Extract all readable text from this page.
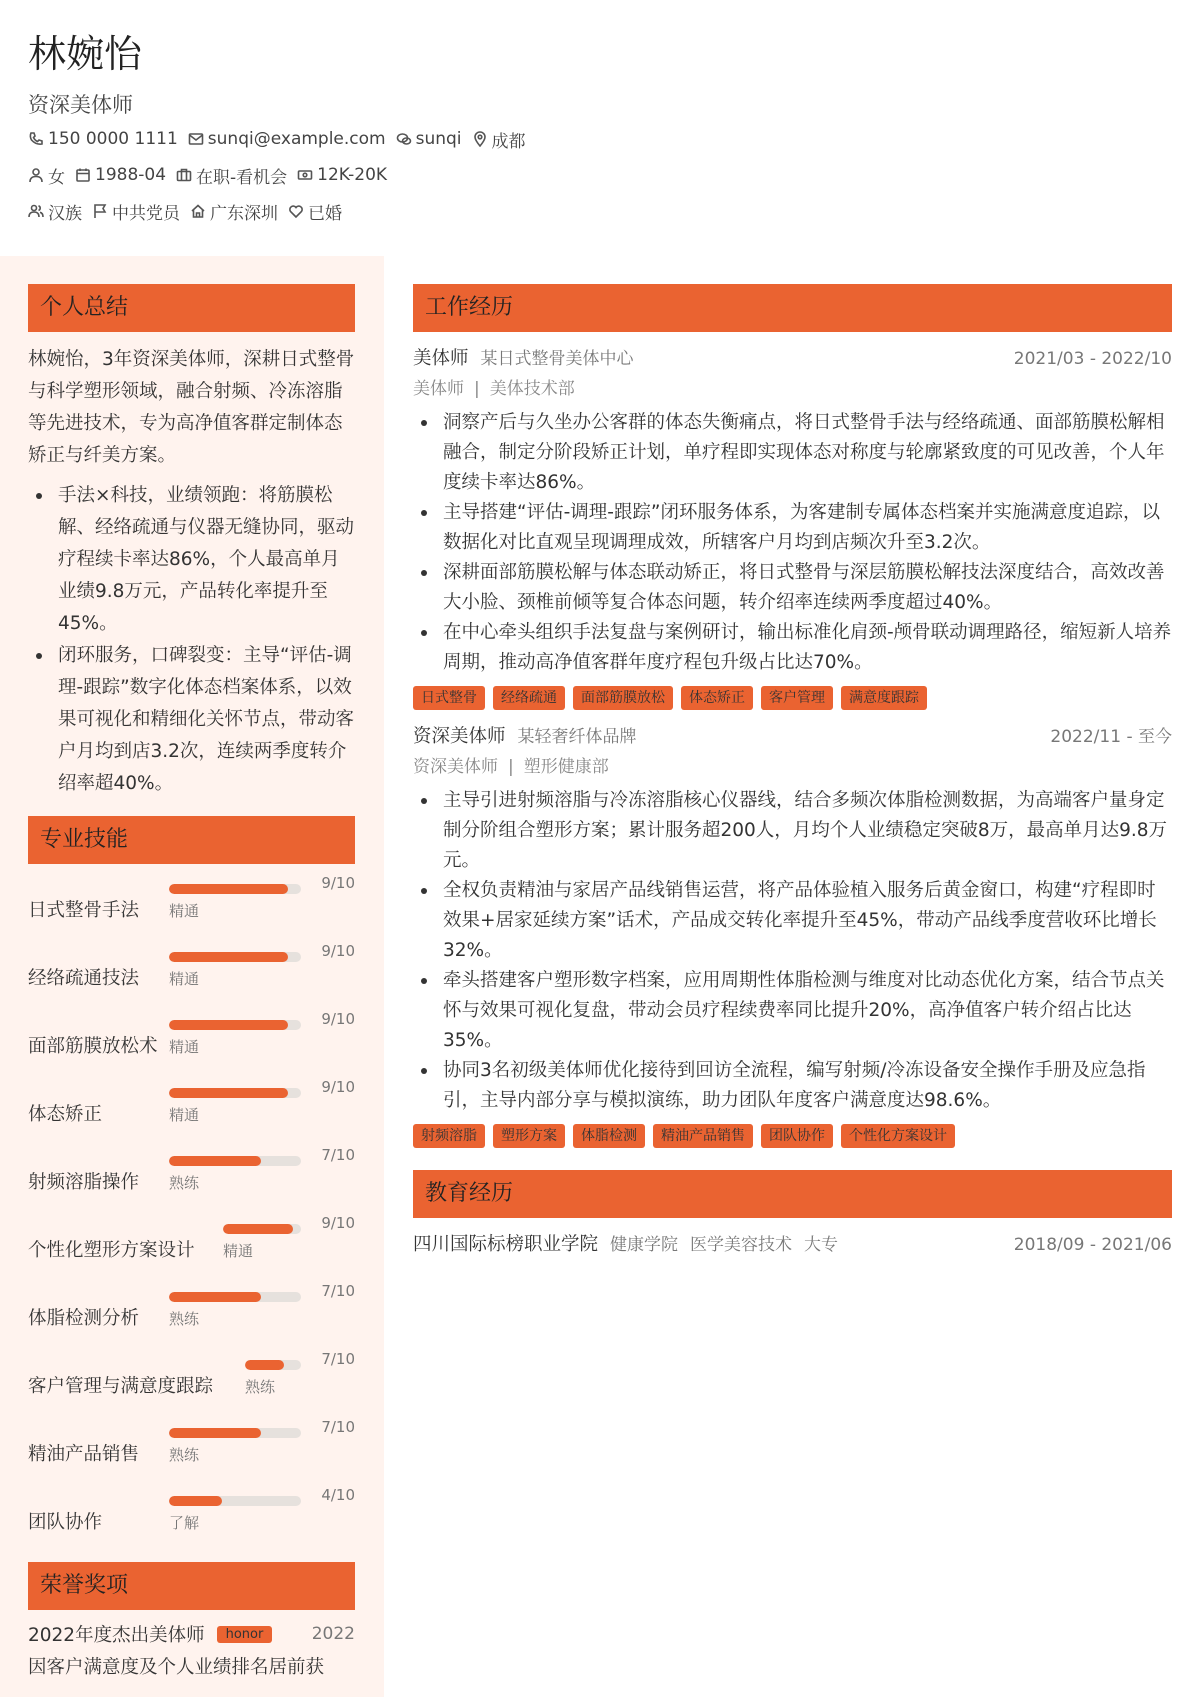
林婉怡
资深美体师
150 0000 1111 sunqi@example.com sunqi 成都
女 1988-04 在职-看机会 12K-20K
汉族 中共党员 广东深圳 已婚
个人总结

林婉怡，3年资深美体师，深耕日式整骨与科学塑形领域，融合射频、冷冻溶脂等先进技术，专为高净值客群定制体态矫正与纤美方案。

手法×科技，业绩领跑：将筋膜松解、经络疏通与仪器无缝协同，驱动疗程续卡率达86%，个人最高单月业绩9.8万元，产品转化率提升至45%。
闭环服务，口碑裂变：主导“评估-调理-跟踪”数字化体态档案体系，以效果可视化和精细化关怀节点，带动客户月均到店3.2次，连续两季度转介绍率超40%。
专业技能
日式整骨手法
9/10
精通
经络疏通技法
9/10
精通
面部筋膜放松术
9/10
精通
体态矫正
9/10
精通
射频溶脂操作
7/10
熟练
个性化塑形方案设计
9/10
精通
体脂检测分析
7/10
熟练
客户管理与满意度跟踪
7/10
熟练
精油产品销售
7/10
熟练
团队协作
4/10
了解
荣誉奖项
2022年度杰出美体师	honor	2022
因客户满意度及个人业绩排名居前获
工作经历
美体师 某日式整骨美体中心	2021/03 - 2022/10
美体师 | 美体技术部
洞察产后与久坐办公客群的体态失衡痛点，将日式整骨手法与经络疏通、面部筋膜松解相融合，制定分阶段矫正计划，单疗程即实现体态对称度与轮廓紧致度的可见改善，个人年度续卡率达86%。
主导搭建“评估-调理-跟踪”闭环服务体系，为客建制专属体态档案并实施满意度追踪，以数据化对比直观呈现调理成效，所辖客户月均到店频次升至3.2次。
深耕面部筋膜松解与体态联动矫正，将日式整骨与深层筋膜松解技法深度结合，高效改善大小脸、颈椎前倾等复合体态问题，转介绍率连续两季度超过40%。
在中心牵头组织手法复盘与案例研讨，输出标准化肩颈-颅骨联动调理路径，缩短新人培养周期，推动高净值客群年度疗程包升级占比达70%。
日式整骨	经络疏通	面部筋膜放松	体态矫正	客户管理	满意度跟踪
资深美体师 某轻奢纤体品牌	2022/11 - 至今
资深美体师 | 塑形健康部
主导引进射频溶脂与冷冻溶脂核心仪器线，结合多频次体脂检测数据，为高端客户量身定制分阶组合塑形方案；累计服务超200人，月均个人业绩稳定突破8万，最高单月达9.8万元。
全权负责精油与家居产品线销售运营，将产品体验植入服务后黄金窗口，构建“疗程即时效果+居家延续方案”话术，产品成交转化率提升至45%，带动产品线季度营收环比增长32%。
牵头搭建客户塑形数字档案，应用周期性体脂检测与维度对比动态优化方案，结合节点关怀与效果可视化复盘，带动会员疗程续费率同比提升20%，高净值客户转介绍占比达35%。
协同3名初级美体师优化接待到回访全流程，编写射频/冷冻设备安全操作手册及应急指引，主导内部分享与模拟演练，助力团队年度客户满意度达98.6%。
射频溶脂	塑形方案	体脂检测	精油产品销售	团队协作	个性化方案设计
教育经历
四川国际标榜职业学院 健康学院 医学美容技术 大专	2018/09 - 2021/06
